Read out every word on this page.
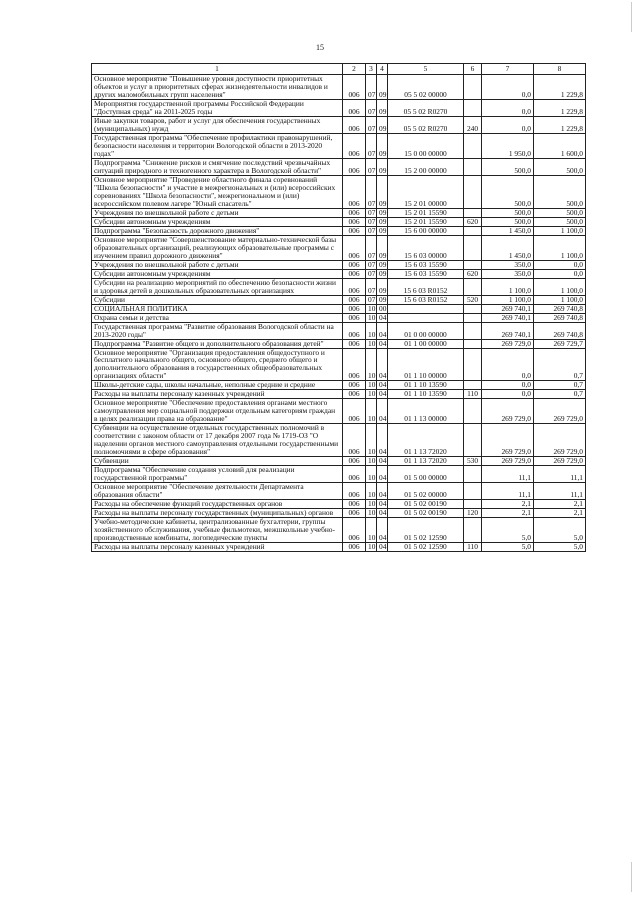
15
1	2	3	4	5	6	7	8
Основное мероприятие "Повышение уровня доступности приоритетных объектов и услуг в приоритетных сферах жизнедеятельности инвалидов и других маломобильных групп населения"	006	07	09	05 5 02 00000		0,0	1 229,8
Мероприятия государственной программы Российской Федерации "Доступная среда" на 2011-2025 годы	006	07	09	05 5 02 R0270		0,0	1 229,8
Иные закупки товаров, работ и услуг для обеспечения государственных (муниципальных) нужд	006	07	09	05 5 02 R0270	240	0,0	1 229,8
Государственная программа "Обеспечение профилактики правонарушений, безопасности населения и территории Вологодской области в 2013-2020 годах"	006	07	09	15 0 00 00000		1 950,0	1 600,0
Подпрограмма "Снижение рисков и смягчение последствий чрезвычайных ситуаций природного и техногенного характера в Вологодской области"	006	07	09	15 2 00 00000		500,0	500,0
Основное мероприятие "Проведение областного финала соревнований "Школа безопасности" и участие в межрегиональных и (или) всероссийских соревнованиях "Школа безопасности", межрегиональном и (или) всероссийском полевом лагере "Юный спасатель"	006	07	09	15 2 01 00000		500,0	500,0
Учреждения по внешкольной работе с детьми	006	07	09	15 2 01 15590		500,0	500,0
Субсидии автономным учреждениям	006	07	09	15 2 01 15590	620	500,0	500,0
Подпрограмма "Безопасность дорожного движения"	006	07	09	15 6 00 00000		1 450,0	1 100,0
Основное мероприятие "Совершенствование материально-технической базы образовательных организаций, реализующих образовательные программы с изучением правил дорожного движения"	006	07	09	15 6 03 00000		1 450,0	1 100,0
Учреждения по внешкольной работе с детьми	006	07	09	15 6 03 15590		350,0	0,0
Субсидии автономным учреждениям	006	07	09	15 6 03 15590	620	350,0	0,0
Субсидии на реализацию мероприятий по обеспечению безопасности жизни и здоровья детей в дошкольных образовательных организациях	006	07	09	15 6 03 R0152		1 100,0	1 100,0
Субсидии	006	07	09	15 6 03 R0152	520	1 100,0	1 100,0
СОЦИАЛЬНАЯ ПОЛИТИКА	006	10	00			269 740,1	269 740,8
Охрана семьи и детства	006	10	04			269 740,1	269 740,8
Государственная программа "Развитие образования Вологодской области на 2013-2020 годы"	006	10	04	01 0 00 00000		269 740,1	269 740,8
Подпрограмма "Развитие общего и дополнительного образования детей"	006	10	04	01 1 00 00000		269 729,0	269 729,7
Основное мероприятие "Организация предоставления общедоступного и бесплатного начального общего, основного общего, среднего общего и дополнительного образования в государственных общеобразовательных организациях области"	006	10	04	01 1 10 00000		0,0	0,7
Школы-детские сады, школы начальные, неполные средние и средние	006	10	04	01 1 10 13590		0,0	0,7
Расходы на выплаты персоналу казенных учреждений	006	10	04	01 1 10 13590	110	0,0	0,7
Основное мероприятие "Обеспечение предоставления органами местного самоуправления мер социальной поддержки отдельным категориям граждан в целях реализации права на образование"	006	10	04	01 1 13 00000		269 729,0	269 729,0
Субвенции на осуществление отдельных государственных полномочий в соответствии с законом области от 17 декабря 2007 года № 1719-ОЗ "О наделении органов местного самоуправления отдельными государственными полномочиями в сфере образования"	006	10	04	01 1 13 72020		269 729,0	269 729,0
Субвенции	006	10	04	01 1 13 72020	530	269 729,0	269 729,0
Подпрограмма "Обеспечение создания условий для реализации государственной программы"	006	10	04	01 5 00 00000		11,1	11,1
Основное мероприятие "Обеспечение деятельности Департамента образования области"	006	10	04	01 5 02 00000		11,1	11,1
Расходы на обеспечение функций государственных органов	006	10	04	01 5 02 00190		2,1	2,1
Расходы на выплаты персоналу государственных (муниципальных) органов	006	10	04	01 5 02 00190	120	2,1	2,1
Учебно-методические кабинеты, централизованные бухгалтерии, группы хозяйственного обслуживания, учебные фильмотеки, межшкольные учебно-производственные комбинаты, логопедические пункты	006	10	04	01 5 02 12590		5,0	5,0
Расходы на выплаты персоналу казенных учреждений	006	10	04	01 5 02 12590	110	5,0	5,0
